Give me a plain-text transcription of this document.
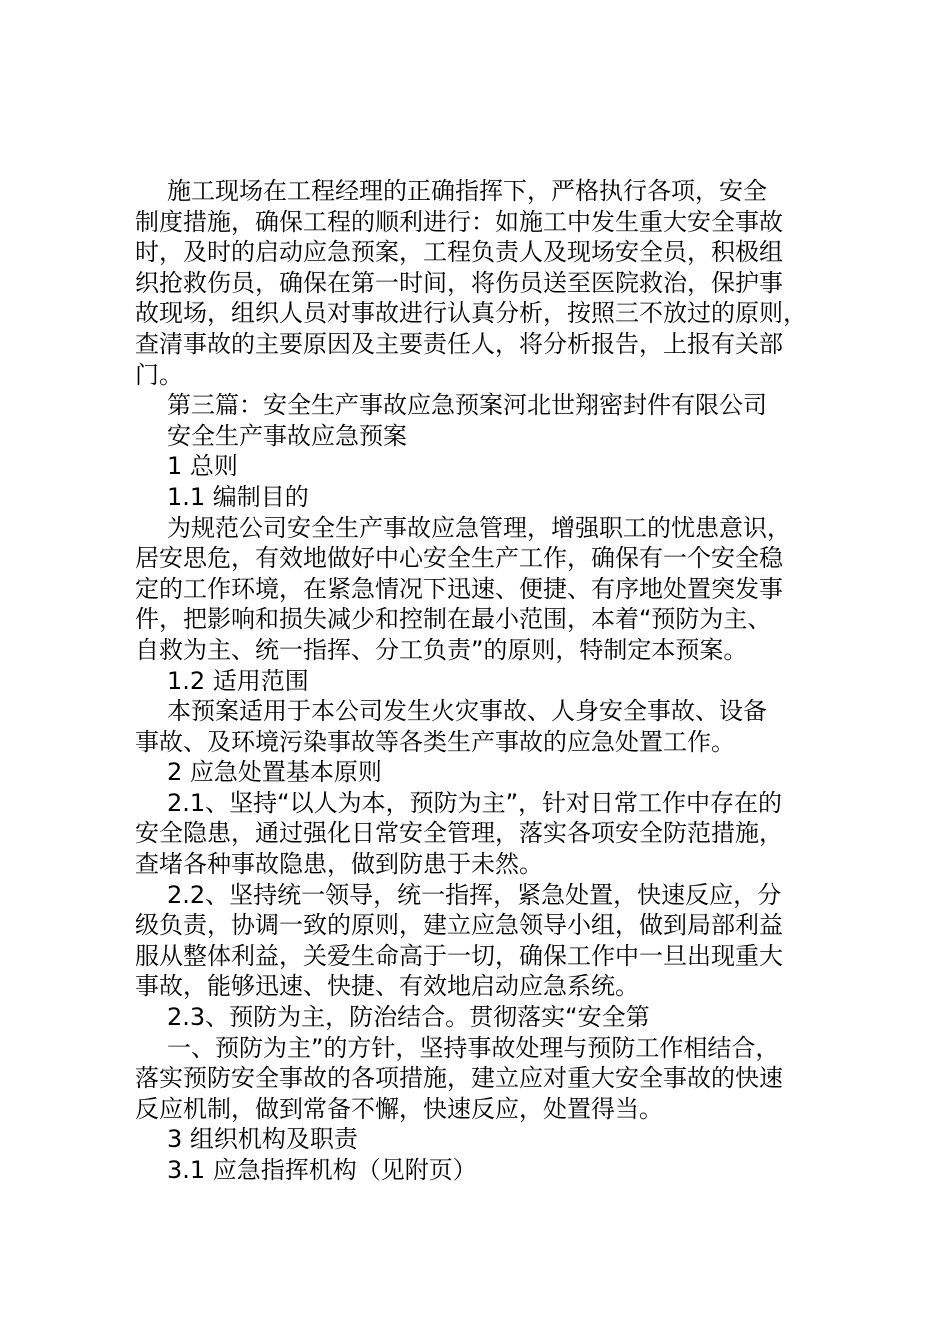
施工现场在工程经理的正确指挥下，严格执行各项，安全

制度措施，确保工程的顺利进行：如施工中发生重大安全事故

时，及时的启动应急预案，工程负责人及现场安全员，积极组

织抢救伤员，确保在第一时间，将伤员送至医院救治，保护事

故现场，组织人员对事故进行认真分析，按照三不放过的原则，

查清事故的主要原因及主要责任人，将分析报告，上报有关部

门。

第三篇：安全生产事故应急预案河北世翔密封件有限公司

安全生产事故应急预案

1 总则

1.1 编制目的

为规范公司安全生产事故应急管理，增强职工的忧患意识，

居安思危，有效地做好中心安全生产工作，确保有一个安全稳

定的工作环境，在紧急情况下迅速、便捷、有序地处置突发事

件，把影响和损失减少和控制在最小范围，本着“预防为主、

自救为主、统一指挥、分工负责”的原则，特制定本预案。

1.2 适用范围

本预案适用于本公司发生火灾事故、人身安全事故、设备

事故、及环境污染事故等各类生产事故的应急处置工作。

2 应急处置基本原则

2.1、坚持“以人为本，预防为主”，针对日常工作中存在的

安全隐患，通过强化日常安全管理，落实各项安全防范措施，

查堵各种事故隐患，做到防患于未然。

2.2、坚持统一领导，统一指挥，紧急处置，快速反应，分

级负责，协调一致的原则，建立应急领导小组，做到局部利益

服从整体利益，关爱生命高于一切，确保工作中一旦出现重大

事故，能够迅速、快捷、有效地启动应急系统。

2.3、预防为主，防治结合。贯彻落实“安全第

一、预防为主”的方针，坚持事故处理与预防工作相结合，

落实预防安全事故的各项措施，建立应对重大安全事故的快速

反应机制，做到常备不懈，快速反应，处置得当。

3 组织机构及职责

3.1 应急指挥机构（见附页）
